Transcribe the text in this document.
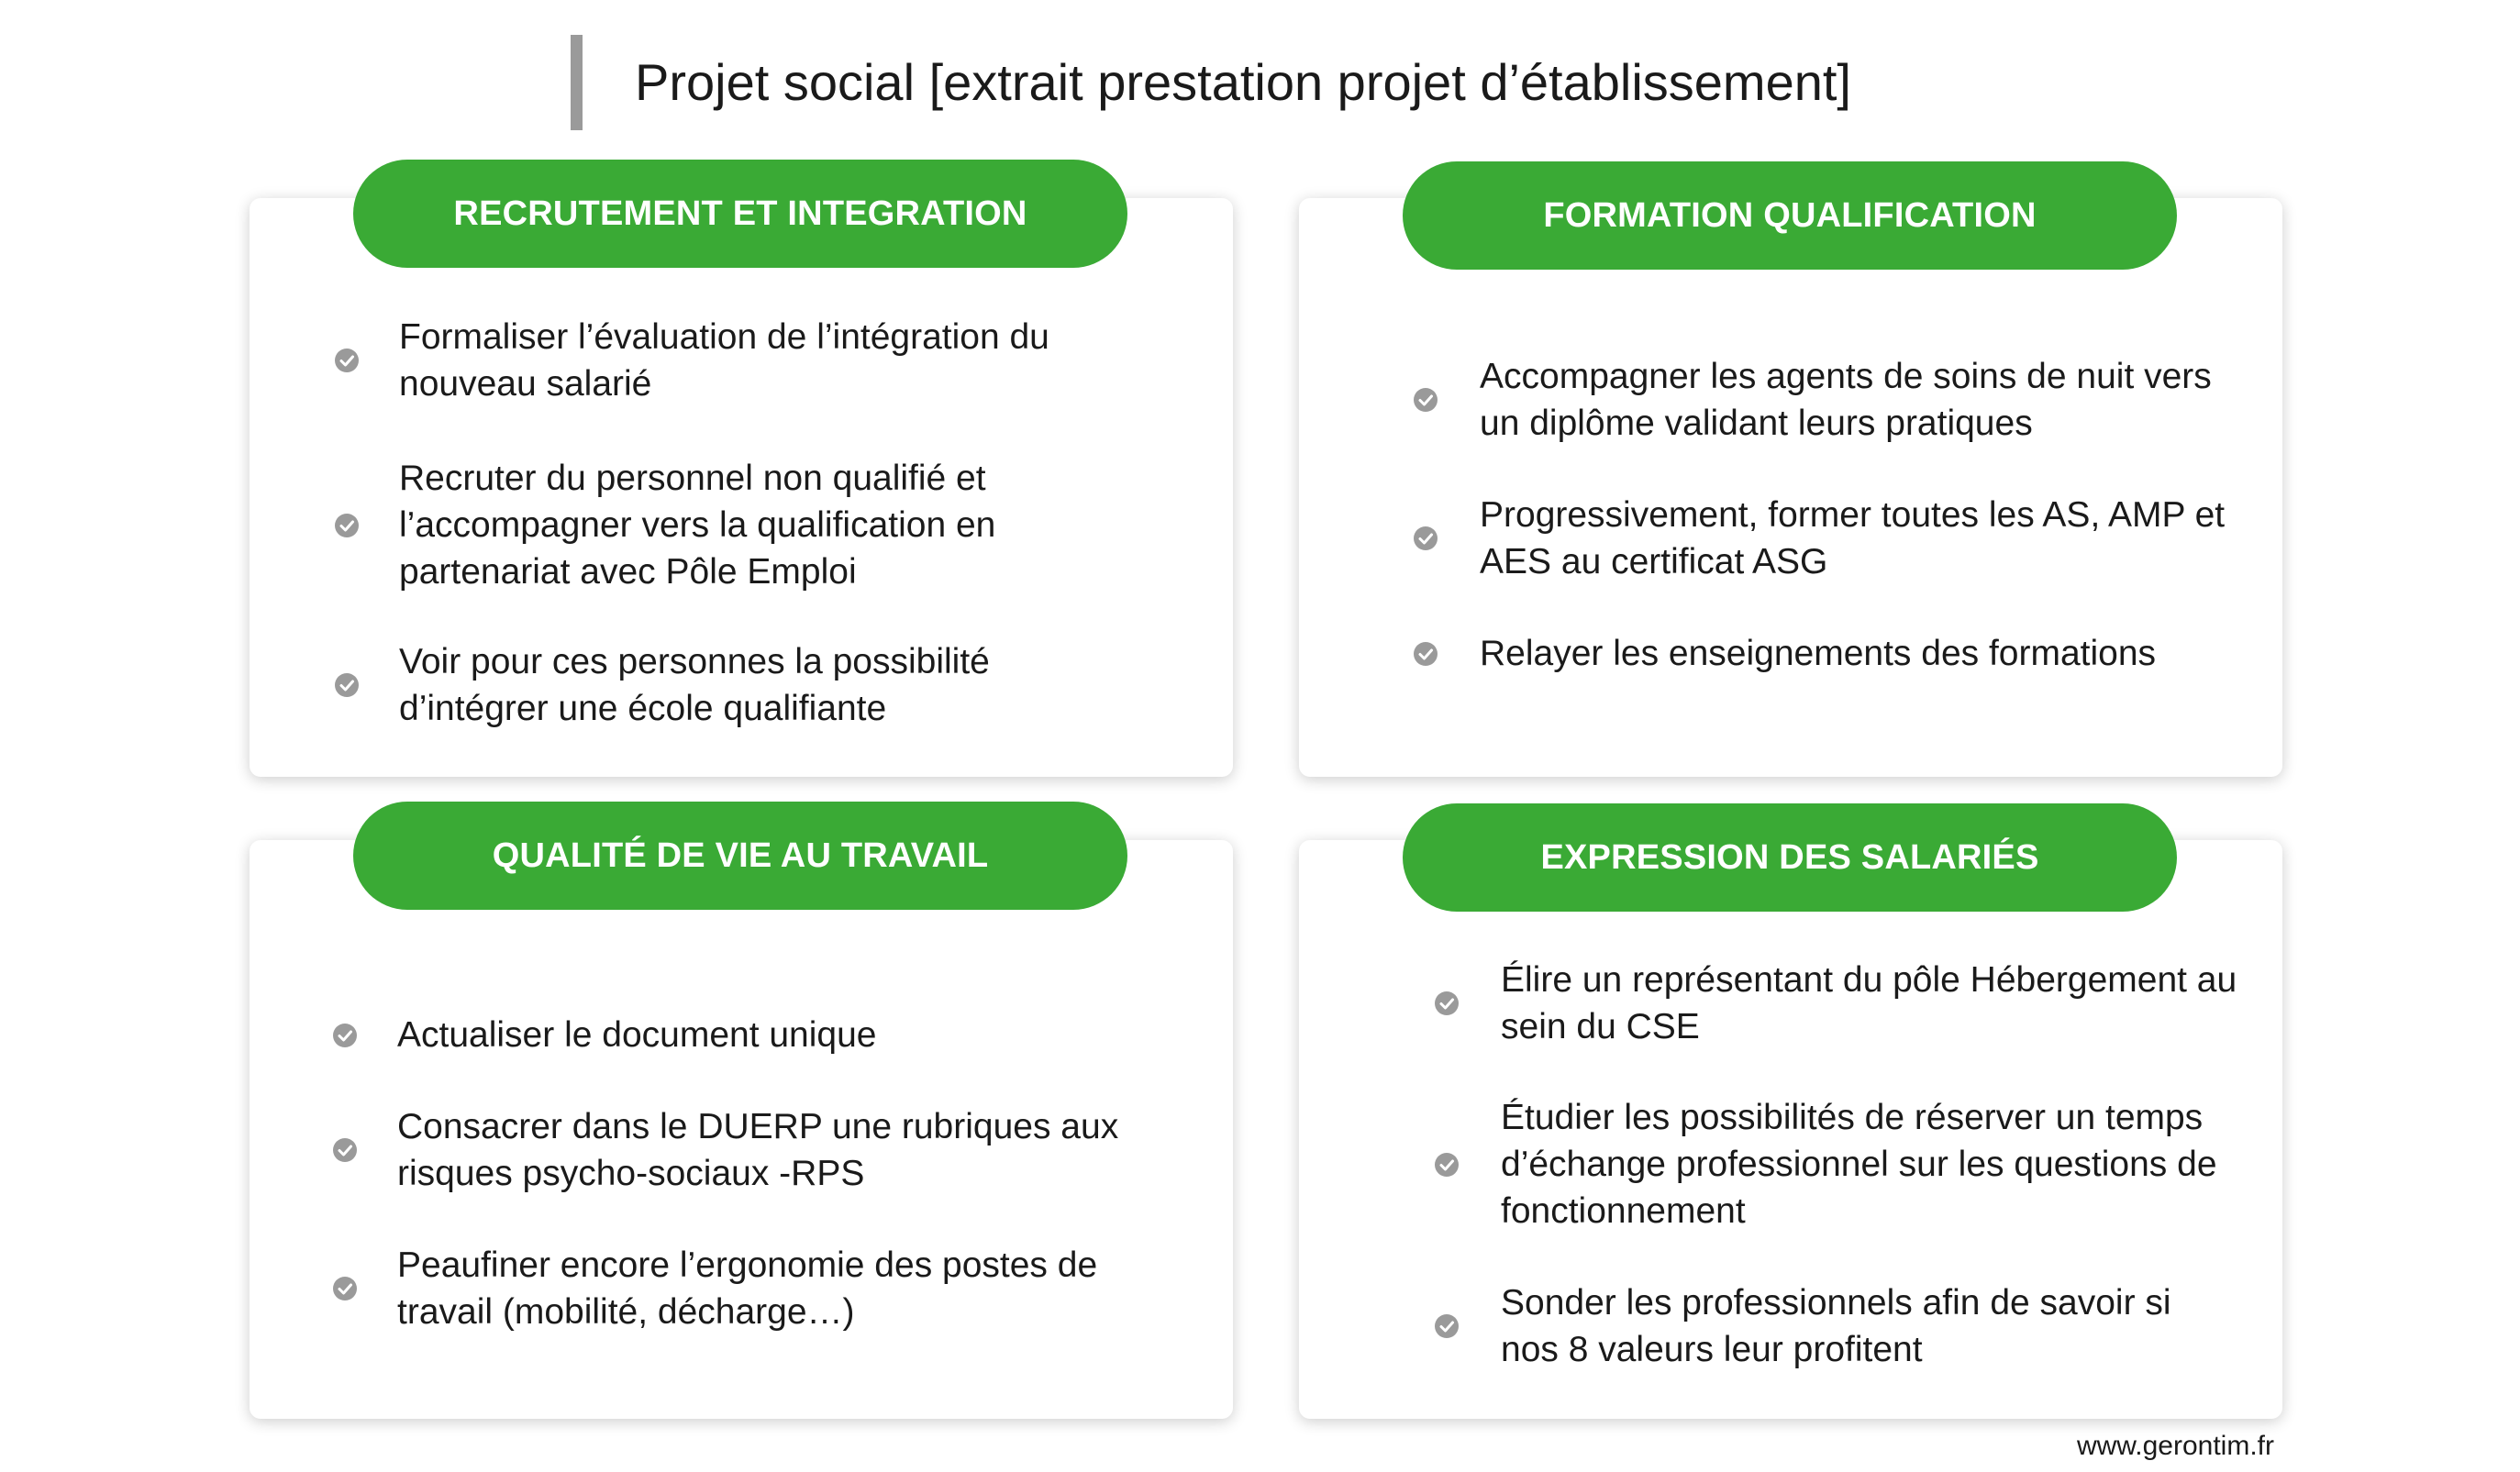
Projet social [extrait prestation projet d’établissement]
RECRUTEMENT ET INTEGRATION
Formaliser l’évaluation de l’intégration du nouveau salarié
Recruter du personnel non qualifié et l’accompagner vers la qualification en partenariat avec Pôle Emploi
Voir pour ces personnes la possibilité d’intégrer une école qualifiante
FORMATION QUALIFICATION
Accompagner les agents de soins de nuit vers un diplôme validant leurs pratiques
Progressivement, former toutes les AS, AMP et AES au certificat ASG
Relayer les enseignements des formations
QUALITÉ DE VIE AU TRAVAIL
Actualiser le document unique
Consacrer dans le DUERP une rubriques aux risques psycho-sociaux -RPS
Peaufiner encore l’ergonomie des postes de travail (mobilité, décharge…)
EXPRESSION DES SALARIÉS
Élire un représentant du pôle Hébergement au sein du CSE
Étudier les possibilités de réserver un temps d’échange professionnel sur les questions de fonctionnement
Sonder les professionnels afin de savoir si nos 8 valeurs leur profitent
www.gerontim.fr
